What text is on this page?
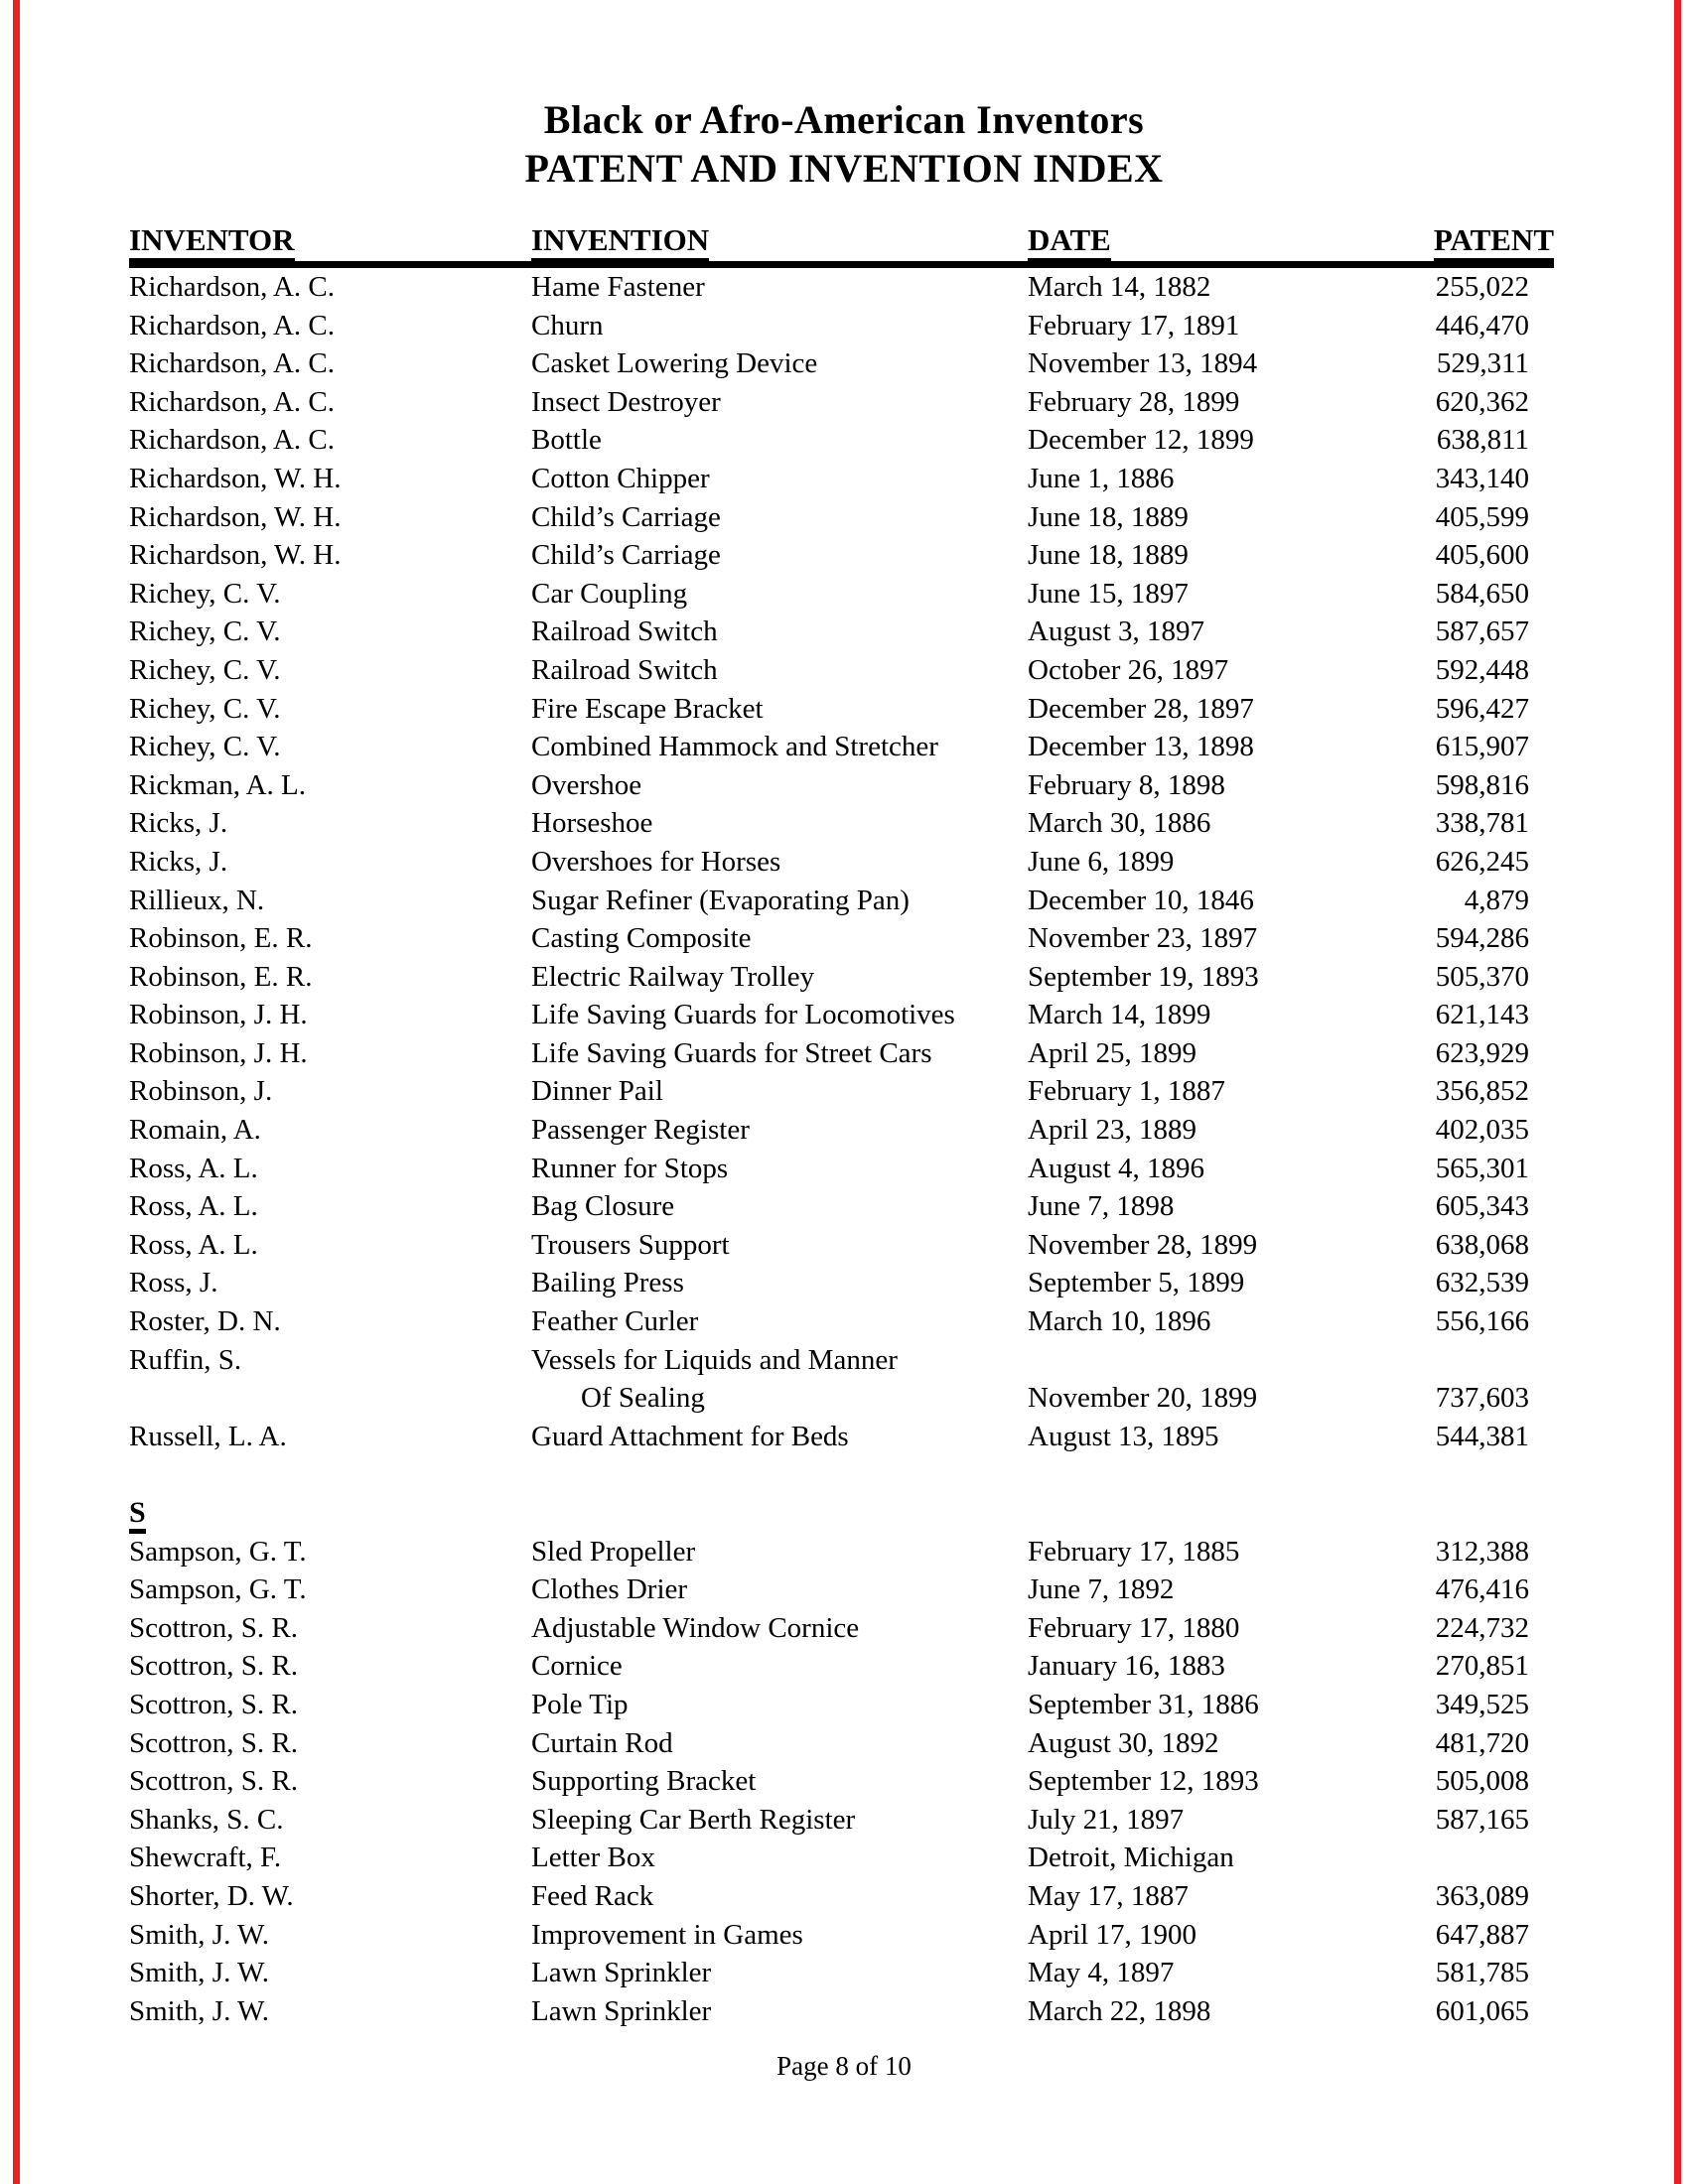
Black or Afro-American Inventors
PATENT AND INVENTION INDEX
INVENTOR	INVENTION	DATE	PATENT
Richardson, A. C.	Hame Fastener	March 14, 1882	255,022
Richardson, A. C.	Churn	February 17, 1891	446,470
Richardson, A. C.	Casket Lowering Device	November 13, 1894	529,311
Richardson, A. C.	Insect Destroyer	February 28, 1899	620,362
Richardson, A. C.	Bottle	December 12, 1899	638,811
Richardson, W. H.	Cotton Chipper	June 1, 1886	343,140
Richardson, W. H.	Child’s Carriage	June 18, 1889	405,599
Richardson, W. H.	Child’s Carriage	June 18, 1889	405,600
Richey, C. V.	Car Coupling	June 15, 1897	584,650
Richey, C. V.	Railroad Switch	August 3, 1897	587,657
Richey, C. V.	Railroad Switch	October 26, 1897	592,448
Richey, C. V.	Fire Escape Bracket	December 28, 1897	596,427
Richey, C. V.	Combined Hammock and Stretcher	December 13, 1898	615,907
Rickman, A. L.	Overshoe	February 8, 1898	598,816
Ricks, J.	Horseshoe	March 30, 1886	338,781
Ricks, J.	Overshoes for Horses	June 6, 1899	626,245
Rillieux, N.	Sugar Refiner (Evaporating Pan)	December 10, 1846	4,879
Robinson, E. R.	Casting Composite	November 23, 1897	594,286
Robinson, E. R.	Electric Railway Trolley	September 19, 1893	505,370
Robinson, J. H.	Life Saving Guards for Locomotives	March 14, 1899	621,143
Robinson, J. H.	Life Saving Guards for Street Cars	April 25, 1899	623,929
Robinson, J.	Dinner Pail	February 1, 1887	356,852
Romain, A.	Passenger Register	April 23, 1889	402,035
Ross, A. L.	Runner for Stops	August 4, 1896	565,301
Ross, A. L.	Bag Closure	June 7, 1898	605,343
Ross, A. L.	Trousers Support	November 28, 1899	638,068
Ross, J.	Bailing Press	September 5, 1899	632,539
Roster, D. N.	Feather Curler	March 10, 1896	556,166
Ruffin, S.	Vessels for Liquids and Manner
Of Sealing	November 20, 1899	737,603
Russell, L. A.	Guard Attachment for Beds	August 13, 1895	544,381
S
Sampson, G. T.	Sled Propeller	February 17, 1885	312,388
Sampson, G. T.	Clothes Drier	June 7, 1892	476,416
Scottron, S. R.	Adjustable Window Cornice	February 17, 1880	224,732
Scottron, S. R.	Cornice	January 16, 1883	270,851
Scottron, S. R.	Pole Tip	September 31, 1886	349,525
Scottron, S. R.	Curtain Rod	August 30, 1892	481,720
Scottron, S. R.	Supporting Bracket	September 12, 1893	505,008
Shanks, S. C.	Sleeping Car Berth Register	July 21, 1897	587,165
Shewcraft, F.	Letter Box	Detroit, Michigan
Shorter, D. W.	Feed Rack	May 17, 1887	363,089
Smith, J. W.	Improvement in Games	April 17, 1900	647,887
Smith, J. W.	Lawn Sprinkler	May 4, 1897	581,785
Smith, J. W.	Lawn Sprinkler	March 22, 1898	601,065
Page 8 of 10
